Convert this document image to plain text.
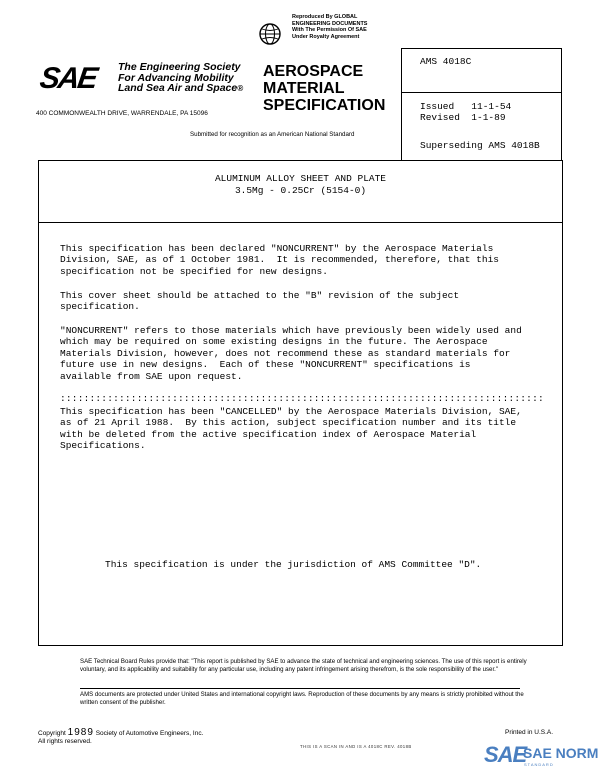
Reproduced By GLOBAL
ENGINEERING DOCUMENTS
With The Permission Of SAE
Under Royalty Agreement
SAE The Engineering Society
For Advancing Mobility
Land Sea Air and Space®
AEROSPACE
MATERIAL
SPECIFICATION
400 COMMONWEALTH DRIVE, WARRENDALE, PA 15096
Submitted for recognition as an American National Standard
AMS 4018C
Issued   11-1-54
Revised  1-1-89
Superseding AMS 4018B
ALUMINUM ALLOY SHEET AND PLATE
3.5Mg - 0.25Cr (5154-0)
This specification has been declared "NONCURRENT" by the Aerospace Materials
Division, SAE, as of 1 October 1981.  It is recommended, therefore, that this
specification not be specified for new designs.
This cover sheet should be attached to the "B" revision of the subject
specification.
"NONCURRENT" refers to those materials which have previously been widely used and
which may be required on some existing designs in the future. The Aerospace
Materials Division, however, does not recommend these as standard materials for
future use in new designs.  Each of these "NONCURRENT" specifications is
available from SAE upon request.
::::::::::::::::::::::::::::::::::::::::::::::::::::::::::::::::::::::::::::::::::
This specification has been "CANCELLED" by the Aerospace Materials Division, SAE,
as of 21 April 1988.  By this action, subject specification number and its title
with be deleted from the active specification index of Aerospace Material
Specifications.
This specification is under the jurisdiction of AMS Committee "D".
SAE Technical Board Rules provide that: "This report is published by SAE to advance the state of technical and engineering sciences. The use of this report is entirely voluntary, and its applicability and suitability for any particular use, including any patent infringement arising therefrom, is the sole responsibility of the user."
AMS documents are protected under United States and international copyright laws. Reproduction of these documents by any means is strictly prohibited without the written consent of the publisher.
Copyright 1989 Society of Automotive Engineers, Inc.
All rights reserved.
Printed in U.S.A.
THIS IS A SCAN IN AND IS A 4018C REV. 4018B	SAE
SAE NORM
STANDARD
